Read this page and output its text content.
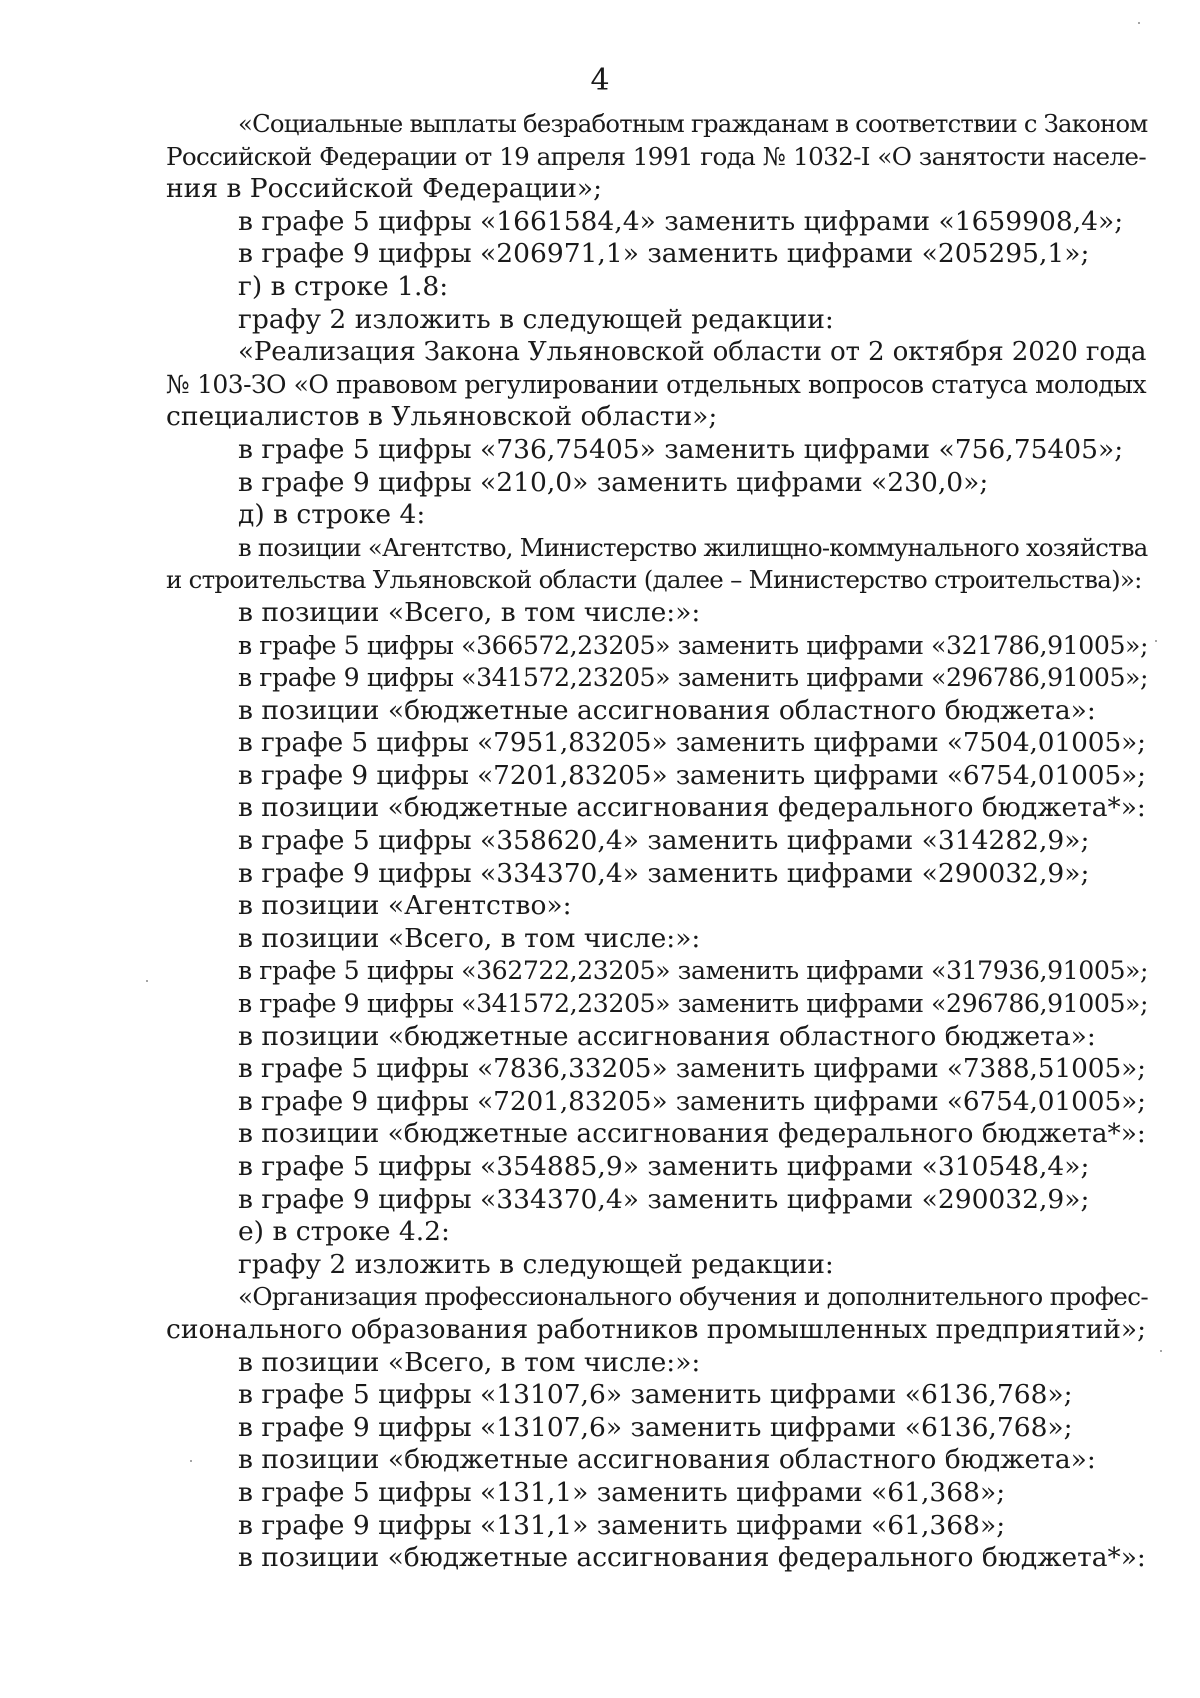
4

«Социальные выплаты безработным гражданам в соответствии с Законом

Российской Федерации от 19 апреля 1991 года № 1032-I «О занятости населе-

ния в Российской Федерации»;

в графе 5 цифры «1661584,4» заменить цифрами «1659908,4»;

в графе 9 цифры «206971,1» заменить цифрами «205295,1»;

г) в строке 1.8:

графу 2 изложить в следующей редакции:

«Реализация Закона Ульяновской области от 2 октября 2020 года

№ 103-ЗО «О правовом регулировании отдельных вопросов статуса молодых

специалистов в Ульяновской области»;

в графе 5 цифры «736,75405» заменить цифрами «756,75405»;

в графе 9 цифры «210,0» заменить цифрами «230,0»;

д) в строке 4:

в позиции «Агентство, Министерство жилищно-коммунального хозяйства

и строительства Ульяновской области (далее – Министерство строительства)»:

в позиции «Всего, в том числе:»:

в графе 5 цифры «366572,23205» заменить цифрами «321786,91005»;

в графе 9 цифры «341572,23205» заменить цифрами «296786,91005»;

в позиции «бюджетные ассигнования областного бюджета»:

в графе 5 цифры «7951,83205» заменить цифрами «7504,01005»;

в графе 9 цифры «7201,83205» заменить цифрами «6754,01005»;

в позиции «бюджетные ассигнования федерального бюджета*»:

в графе 5 цифры «358620,4» заменить цифрами «314282,9»;

в графе 9 цифры «334370,4» заменить цифрами «290032,9»;

в позиции «Агентство»:

в позиции «Всего, в том числе:»:

в графе 5 цифры «362722,23205» заменить цифрами «317936,91005»;

в графе 9 цифры «341572,23205» заменить цифрами «296786,91005»;

в позиции «бюджетные ассигнования областного бюджета»:

в графе 5 цифры «7836,33205» заменить цифрами «7388,51005»;

в графе 9 цифры «7201,83205» заменить цифрами «6754,01005»;

в позиции «бюджетные ассигнования федерального бюджета*»:

в графе 5 цифры «354885,9» заменить цифрами «310548,4»;

в графе 9 цифры «334370,4» заменить цифрами «290032,9»;

е) в строке 4.2:

графу 2 изложить в следующей редакции:

«Организация профессионального обучения и дополнительного профес-

сионального образования работников промышленных предприятий»;

в позиции «Всего, в том числе:»:

в графе 5 цифры «13107,6» заменить цифрами «6136,768»;

в графе 9 цифры «13107,6» заменить цифрами «6136,768»;

в позиции «бюджетные ассигнования областного бюджета»:

в графе 5 цифры «131,1» заменить цифрами «61,368»;

в графе 9 цифры «131,1» заменить цифрами «61,368»;

в позиции «бюджетные ассигнования федерального бюджета*»:
